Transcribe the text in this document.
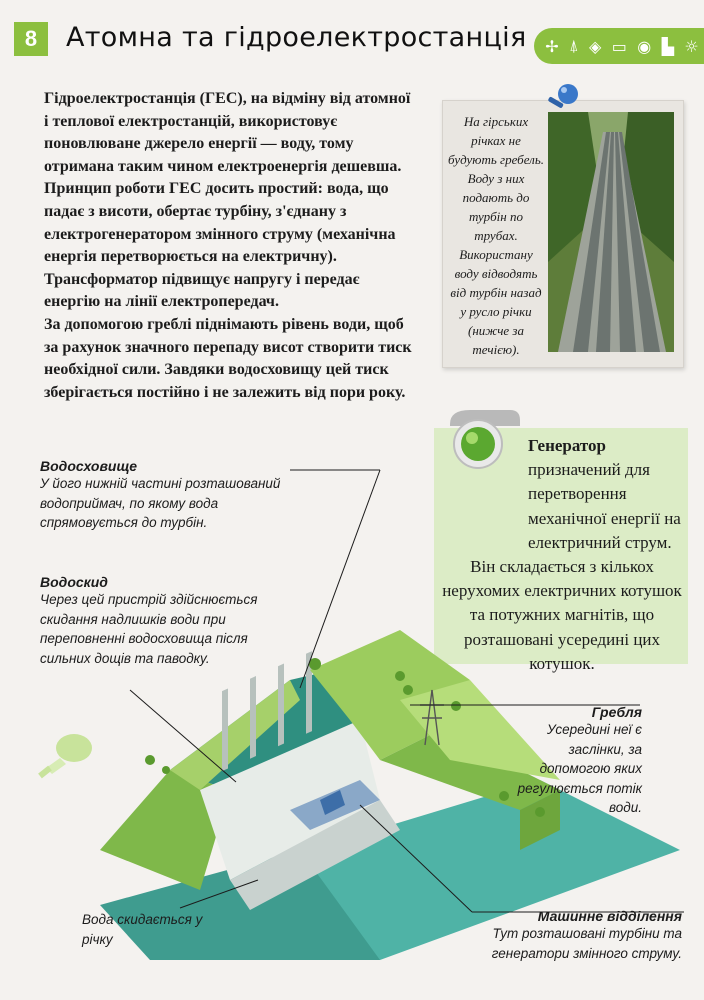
8	Атомна та гідроелектростанція ✢ ⍋ ◈ ▭ ◉ ▙ ☼

Гідроелектростанція (ГЕС), на відміну від атомної і теплової електростанцій, використовує поновлюване джерело енергії — воду, тому отримана таким чином електроенергія дешевша. Принцип роботи ГЕС досить простий: вода, що падає з висоти, обертає турбіну, з'єднану з електрогенератором змінного струму (механічна енергія перетворюється на електричну). Трансформатор підвищує напругу і передає енергію на лінії електропередач.

За допомогою греблі піднімають рівень води, щоб за рахунок значного перепаду висот створити тиск необхідної сили. Завдяки водосховищу цей тиск зберігається постійно і не залежить від пори року.

На гірських річках не будують гребель. Воду з них подають до турбін по трубах. Використану воду відводять від турбін назад у русло річки (нижче за течією).
Генератор призначений для перетворення механічної енергії на електричний струм.
Він складається з кількох нерухомих електричних котушок та потужних магнітів, що розташовані усередині цих котушок.
Водосховище
У його нижній частині розташований водоприймач, по якому вода спрямовується до турбін.
Водоскид
Через цей пристрій здійснюється скидання надлишків води при переповненні водосховища після сильних дощів та паводку.
Гребля
Усередині неї є заслінки, за допомогою яких регулюється потік води.
Машинне відділення
Тут розташовані турбіни та генератори змінного струму.
Вода скидається у річку
